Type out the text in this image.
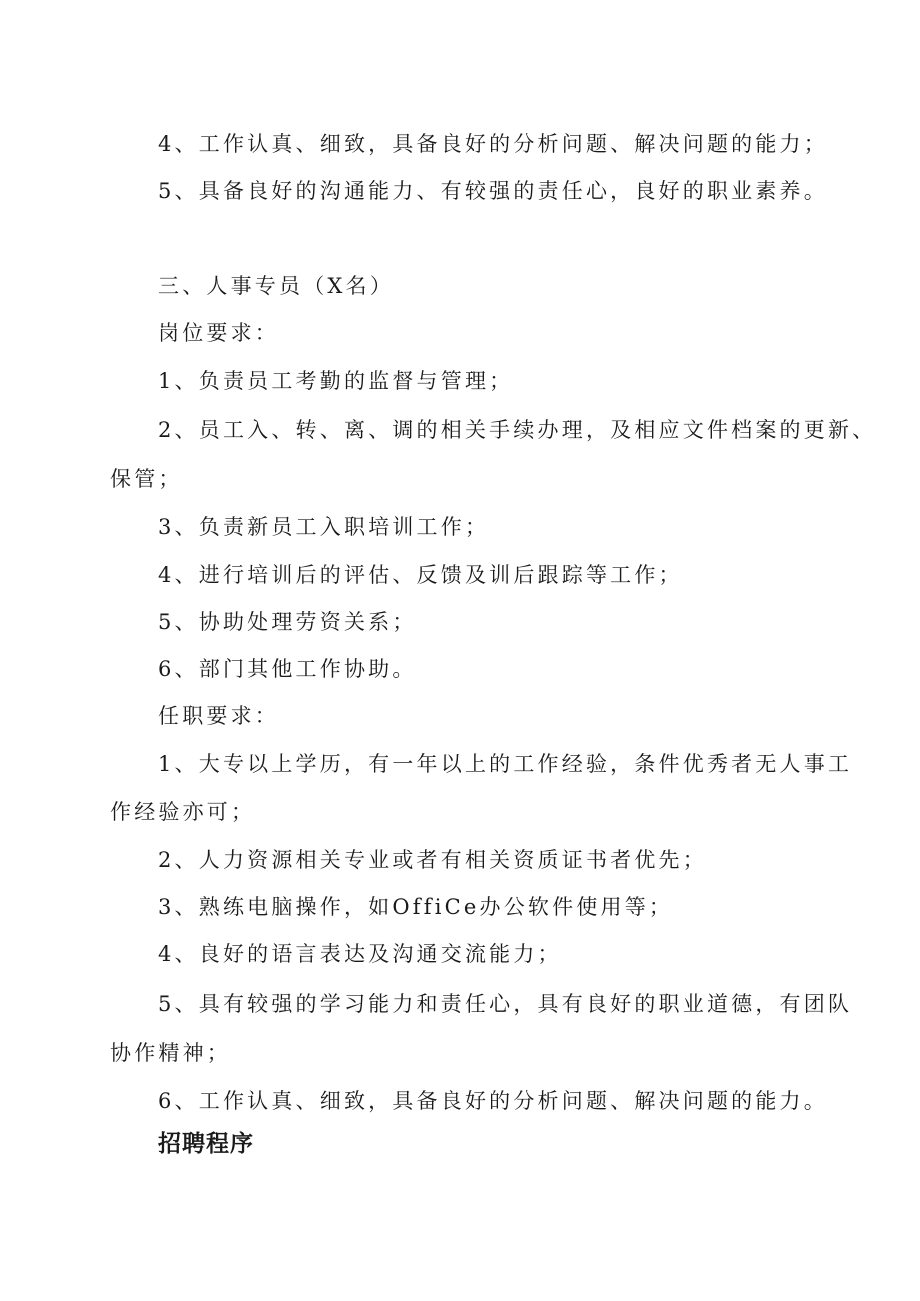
4、工作认真、细致，具备良好的分析问题、解决问题的能力；
5、具备良好的沟通能力、有较强的责任心，良好的职业素养。
三、人事专员（X名）
岗位要求：
1、负责员工考勤的监督与管理；
2、员工入、转、离、调的相关手续办理，及相应文件档案的更新、
保管；
3、负责新员工入职培训工作；
4、进行培训后的评估、反馈及训后跟踪等工作；
5、协助处理劳资关系；
6、部门其他工作协助。
任职要求：
1、大专以上学历，有一年以上的工作经验，条件优秀者无人事工
作经验亦可；
2、人力资源相关专业或者有相关资质证书者优先；
3、熟练电脑操作，如OffiCe办公软件使用等；
4、良好的语言表达及沟通交流能力；
5、具有较强的学习能力和责任心，具有良好的职业道德，有团队
协作精神；
6、工作认真、细致，具备良好的分析问题、解决问题的能力。
招聘程序
